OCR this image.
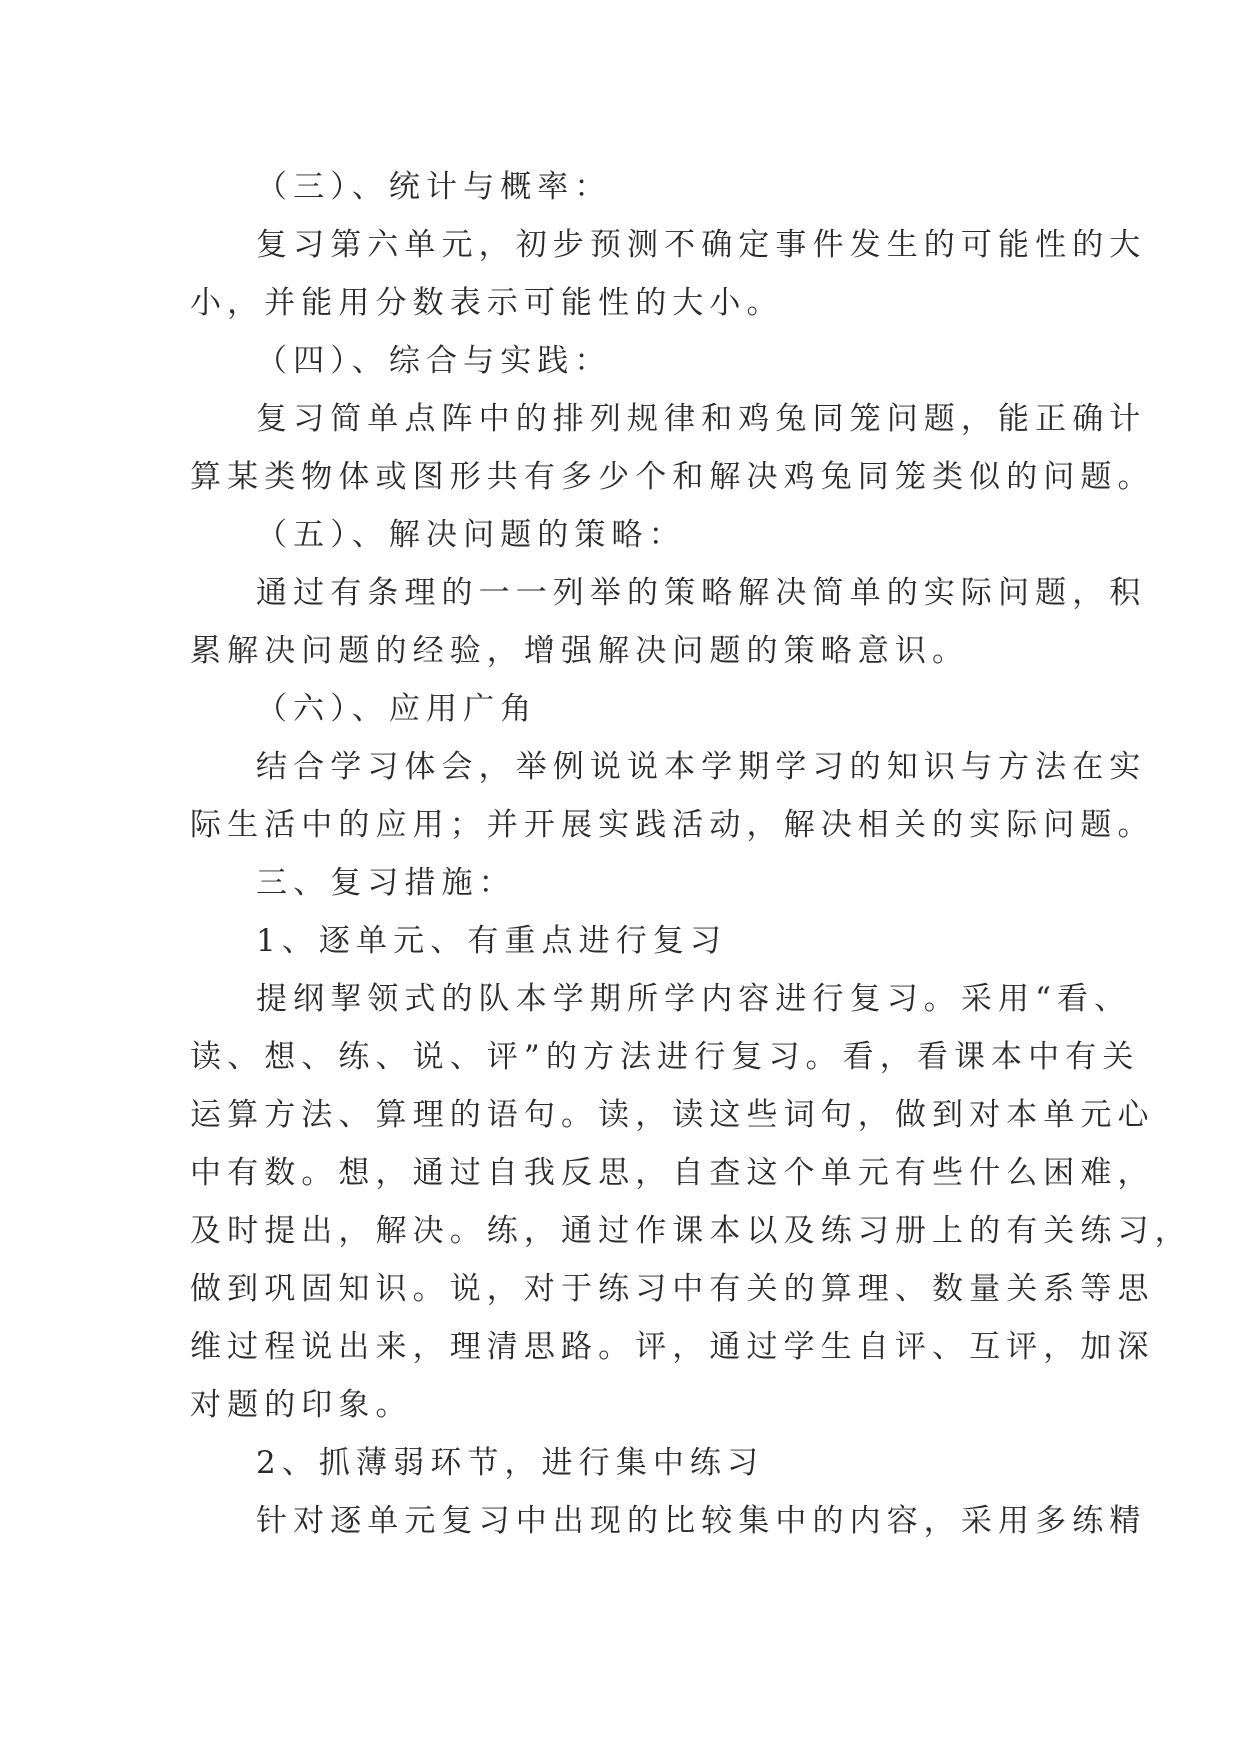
（三）、统计与概率：
复习第六单元，初步预测不确定事件发生的可能性的大
小，并能用分数表示可能性的大小。
（四）、综合与实践：
复习简单点阵中的排列规律和鸡兔同笼问题，能正确计
算某类物体或图形共有多少个和解决鸡兔同笼类似的问题。
（五）、解决问题的策略：
通过有条理的一一列举的策略解决简单的实际问题，积
累解决问题的经验，增强解决问题的策略意识。
（六）、应用广角
结合学习体会，举例说说本学期学习的知识与方法在实
际生活中的应用；并开展实践活动，解决相关的实际问题。
三、复习措施：
1、逐单元、有重点进行复习
提纲挈领式的队本学期所学内容进行复习。采用“看、
读、想、练、说、评”的方法进行复习。看，看课本中有关
运算方法、算理的语句。读，读这些词句，做到对本单元心
中有数。想，通过自我反思，自查这个单元有些什么困难，
及时提出，解决。练，通过作课本以及练习册上的有关练习，
做到巩固知识。说，对于练习中有关的算理、数量关系等思
维过程说出来，理清思路。评，通过学生自评、互评，加深
对题的印象。
2、抓薄弱环节，进行集中练习
针对逐单元复习中出现的比较集中的内容，采用多练精
